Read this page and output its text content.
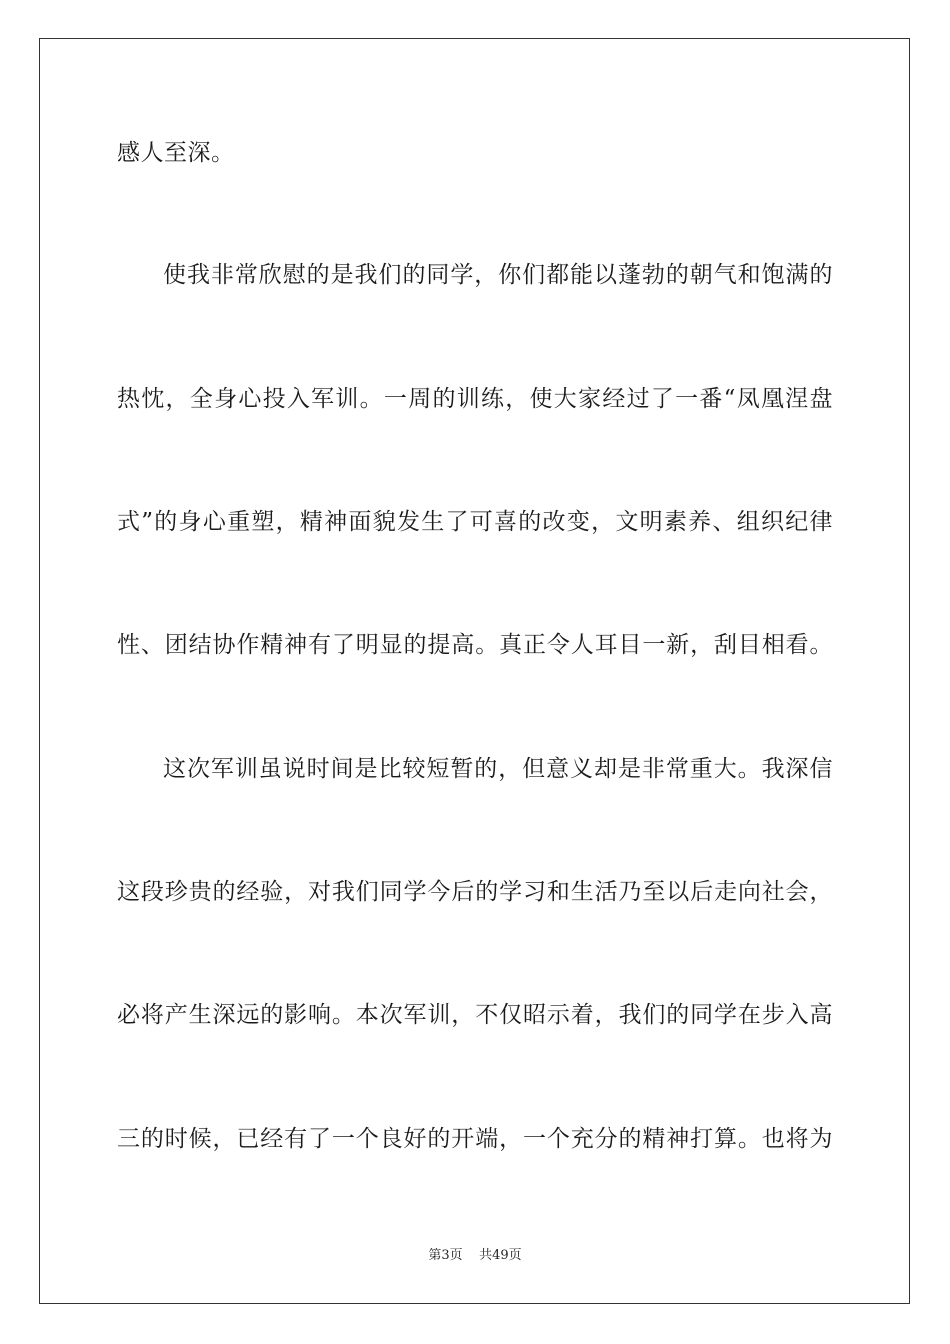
感人至深。
使我非常欣慰的是我们的同学，你们都能以蓬勃的朝气和饱满的
热忱，全身心投入军训。一周的训练，使大家经过了一番“凤凰涅盘
式”的身心重塑，精神面貌发生了可喜的改变，文明素养、组织纪律
性、团结协作精神有了明显的提高。真正令人耳目一新，刮目相看。
这次军训虽说时间是比较短暂的，但意义却是非常重大。我深信
这段珍贵的经验，对我们同学今后的学习和生活乃至以后走向社会，
必将产生深远的影响。本次军训，不仅昭示着，我们的同学在步入高
三的时候，已经有了一个良好的开端，一个充分的精神打算。也将为
第3页 共49页
